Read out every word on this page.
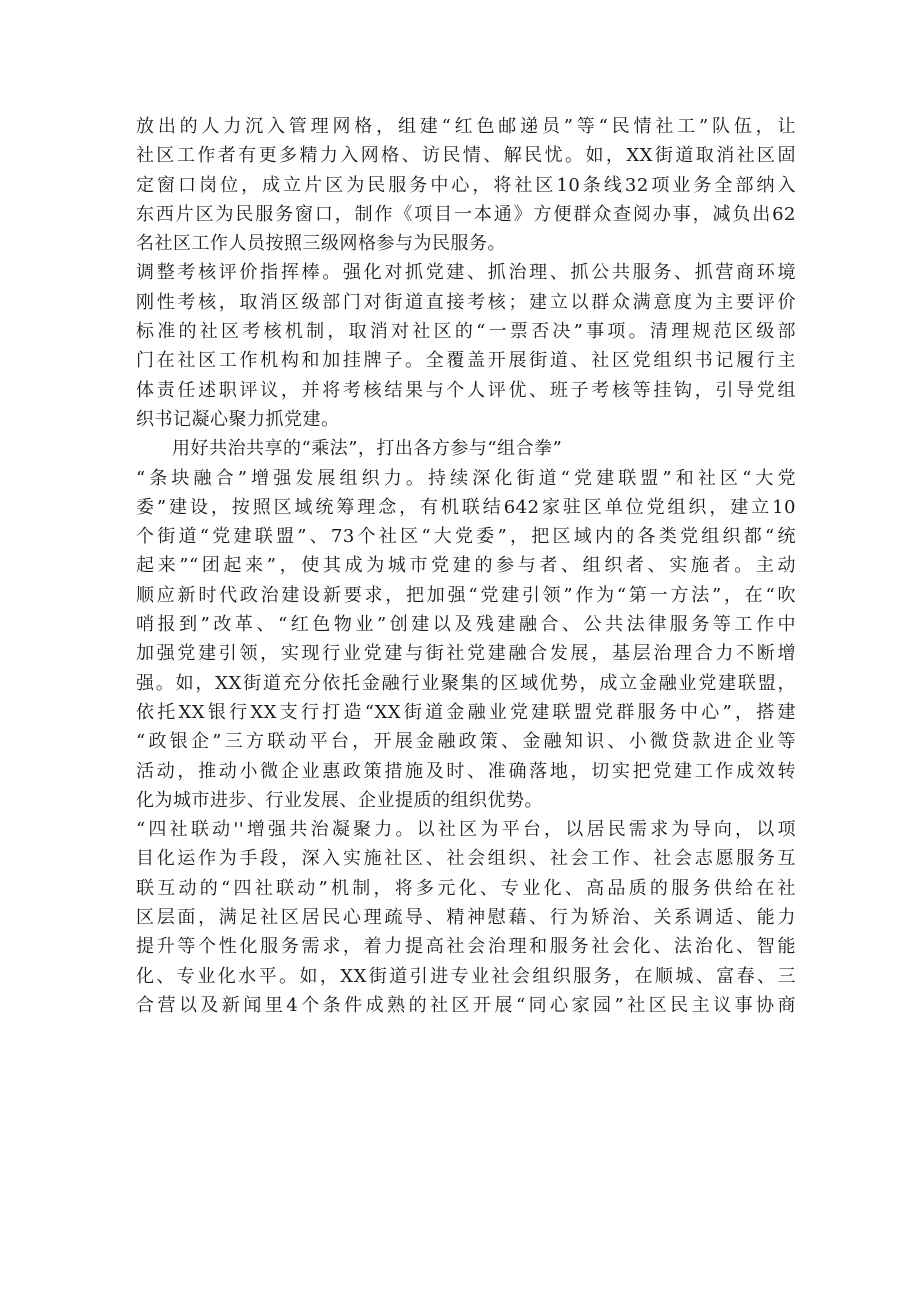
放出的人力沉入管理网格，组建“红色邮递员”等“民情社工”队伍，让
社区工作者有更多精力入网格、访民情、解民忧。如，XX街道取消社区固
定窗口岗位，成立片区为民服务中心，将社区10条线32项业务全部纳入
东西片区为民服务窗口，制作《项目一本通》方便群众查阅办事，减负出62
名社区工作人员按照三级网格参与为民服务。
调整考核评价指挥棒。强化对抓党建、抓治理、抓公共服务、抓营商环境
刚性考核，取消区级部门对街道直接考核；建立以群众满意度为主要评价
标准的社区考核机制，取消对社区的“一票否决”事项。清理规范区级部
门在社区工作机构和加挂牌子。全覆盖开展街道、社区党组织书记履行主
体责任述职评议，并将考核结果与个人评优、班子考核等挂钩，引导党组
织书记凝心聚力抓党建。
用好共治共享的“乘法”，打出各方参与“组合拳”
“条块融合”增强发展组织力。持续深化街道“党建联盟”和社区“大党
委”建设，按照区域统筹理念，有机联结642家驻区单位党组织，建立10
个街道“党建联盟”、73个社区“大党委”，把区域内的各类党组织都“统
起来”“团起来”，使其成为城市党建的参与者、组织者、实施者。主动
顺应新时代政治建设新要求，把加强“党建引领”作为“第一方法”，在“吹
哨报到”改革、“红色物业”创建以及残建融合、公共法律服务等工作中
加强党建引领，实现行业党建与街社党建融合发展，基层治理合力不断增
强。如，XX街道充分依托金融行业聚集的区域优势，成立金融业党建联盟，
依托XX银行XX支行打造“XX街道金融业党建联盟党群服务中心”，搭建
“政银企”三方联动平台，开展金融政策、金融知识、小微贷款进企业等
活动，推动小微企业惠政策措施及时、准确落地，切实把党建工作成效转
化为城市进步、行业发展、企业提质的组织优势。
“四社联动''增强共治凝聚力。以社区为平台，以居民需求为导向，以项
目化运作为手段，深入实施社区、社会组织、社会工作、社会志愿服务互
联互动的“四社联动”机制，将多元化、专业化、高品质的服务供给在社
区层面，满足社区居民心理疏导、精神慰藉、行为矫治、关系调适、能力
提升等个性化服务需求，着力提高社会治理和服务社会化、法治化、智能
化、专业化水平。如，XX街道引进专业社会组织服务，在顺城、富春、三
合营以及新闻里4个条件成熟的社区开展“同心家园”社区民主议事协商
